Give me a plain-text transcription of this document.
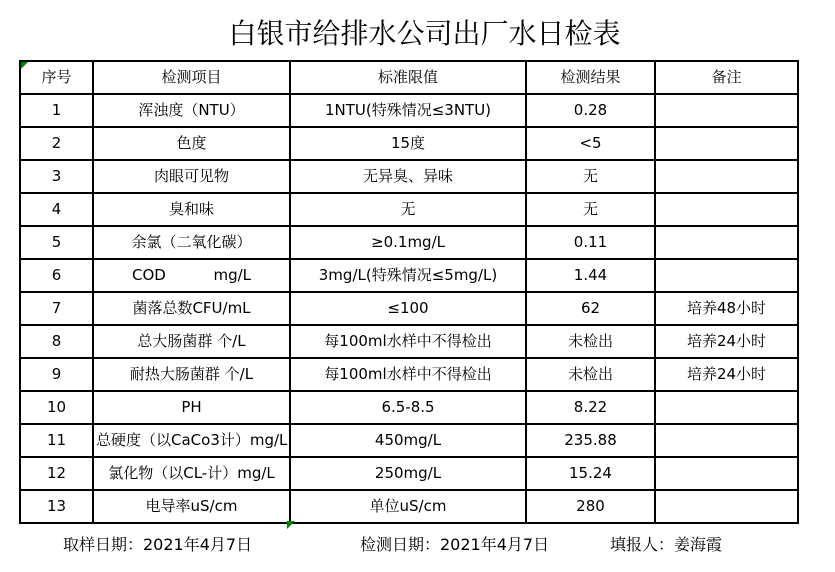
白银市给排水公司出厂水日检表
序号	检测项目	标准限值	检测结果	备注
1	浑浊度（NTU）	1NTU(特殊情况≤3NTU)	0.28	
2	色度	15度	<5	
3	肉眼可见物	无异臭、异味	无	
4	臭和味	无	无	
5	余氯（二氧化碳）	≥0.1mg/L	0.11	
6	COD          mg/L	3mg/L(特殊情况≤5mg/L)	1.44	
7	菌落总数CFU/mL	≤100	62	培养48小时
8	总大肠菌群 个/L	每100ml水样中不得检出	未检出	培养24小时
9	耐热大肠菌群 个/L	每100ml水样中不得检出	未检出	培养24小时
10	PH	6.5-8.5	8.22	
11	总硬度（以CaCo3计）mg/L	450mg/L	235.88	
12	氯化物（以CL-计）mg/L	250mg/L	15.24	
13	电导率uS/cm	单位uS/cm	280	
取样日期：2021年4月7日	检测日期：2021年4月7日	填报人：姜海霞
